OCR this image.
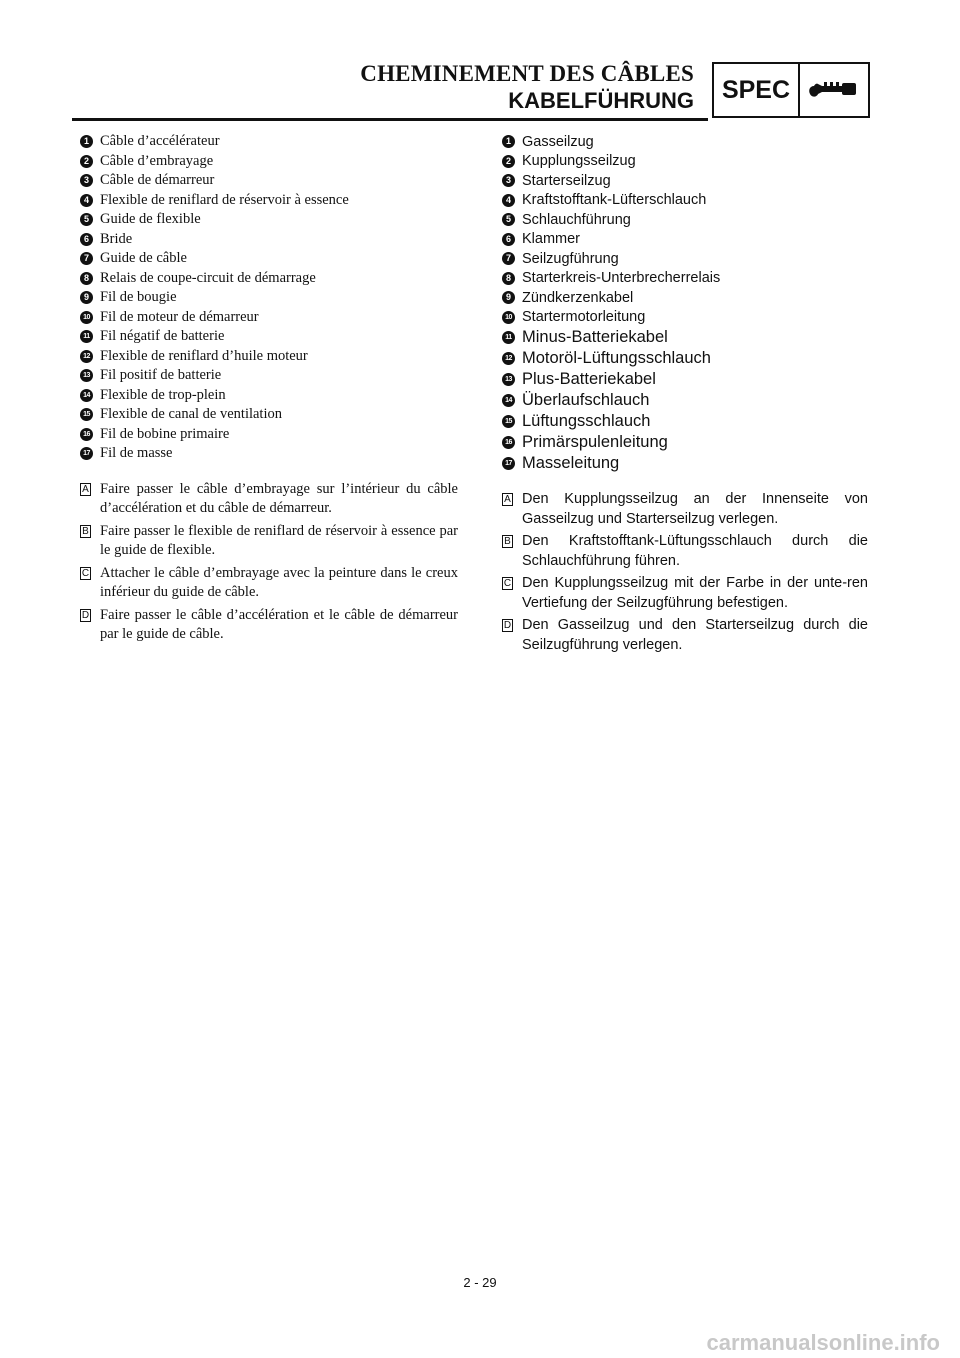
CHEMINEMENT DES CÂBLES
KABELFÜHRUNG	SPEC
1 Câble d’accélérateur
2 Câble d’embrayage
3 Câble de démarreur
4 Flexible de reniflard de réservoir à essence
5 Guide de flexible
6 Bride
7 Guide de câble
8 Relais de coupe-circuit de démarrage
9 Fil de bougie
10 Fil de moteur de démarreur
11 Fil négatif de batterie
12 Flexible de reniflard d’huile moteur
13 Fil positif de batterie
14 Flexible de trop-plein
15 Flexible de canal de ventilation
16 Fil de bobine primaire
17 Fil de masse
A Faire passer le câble d’embrayage sur l’intérieur du câble d’accélération et du câble de démarreur.
B Faire passer le flexible de reniflard de réservoir à essence par le guide de flexible.
C Attacher le câble d’embrayage avec la peinture dans le creux inférieur du guide de câble.
D Faire passer le câble d’accélération et le câble de démarreur par le guide de câble.
1 Gasseilzug
2 Kupplungsseilzug
3 Starterseilzug
4 Kraftstofftank-Lüfterschlauch
5 Schlauchführung
6 Klammer
7 Seilzugführung
8 Starterkreis-Unterbrecherrelais
9 Zündkerzenkabel
10 Startermotorleitung
11 Minus-Batteriekabel
12 Motoröl-Lüftungsschlauch
13 Plus-Batteriekabel
14 Überlaufschlauch
15 Lüftungsschlauch
16 Primärspulenleitung
17 Masseleitung
A Den Kupplungsseilzug an der Innenseite von Gasseilzug und Starterseilzug verlegen.
B Den Kraftstofftank-Lüftungsschlauch durch die Schlauchführung führen.
C Den Kupplungsseilzug mit der Farbe in der unte-ren Vertiefung der Seilzugführung befestigen.
D Den Gasseilzug und den Starterseilzug durch die Seilzugführung verlegen.
2 - 29
carmanualsonline.info
